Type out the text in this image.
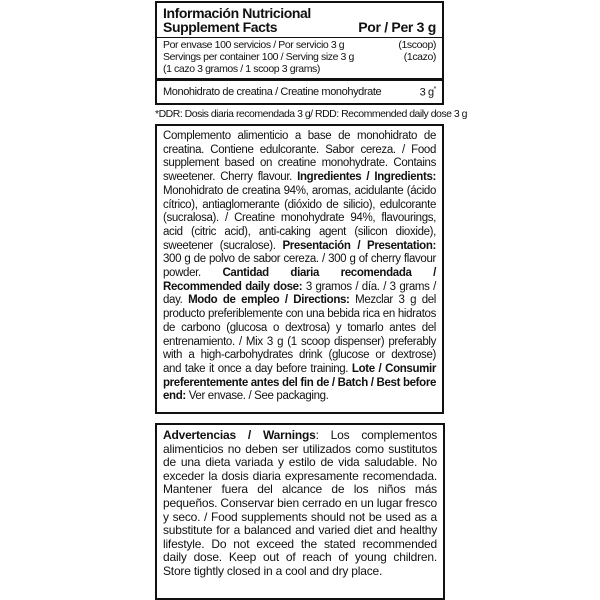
Información Nutricional
Supplement Facts	Por / Per 3 g
Por envase 100 servicios / Por servicio 3 g	(1scoop)
Servings per container 100 / Serving size 3 g	(1cazo)
(1 cazo 3 gramos / 1 scoop 3 grams)
Monohidrato de creatina / Creatine monohydrate	3 g*
*DDR: Dosis diaria recomendada 3 g/ RDD: Recommended daily dose 3 g
Complemento alimenticio a base de monohidrato de creatina. Contiene edulcorante. Sabor cereza. / Food supplement based on creatine monohydrate. Contains sweetener. Cherry flavour. Ingredientes / Ingredients: Monohidrato de creatina 94%, aromas, acidulante (ácido cítrico), antiaglomerante (dióxido de silicio), edulcorante (sucralosa). / Creatine monohydrate 94%, flavourings, acid (citric acid), anti-caking agent (silicon dioxide), sweetener (sucralose). Presentación / Presentation: 300 g de polvo de sabor cereza. / 300 g of cherry flavour powder. Cantidad diaria recomendada / Recommended daily dose: 3 gramos / día. / 3 grams / day. Modo de empleo / Directions: Mezclar 3 g del producto preferiblemente con una bebida rica en hidratos de carbono (glucosa o dextrosa) y tomarlo antes del entrenamiento. / Mix 3 g (1 scoop dispenser) preferably with a high-carbohydrates drink (glucose or dextrose) and take it once a day before training. Lote / Consumir preferentemente antes del fin de / Batch / Best before end: Ver envase. / See packaging.
Advertencias / Warnings: Los complementos alimenticios no deben ser utilizados como sustitutos de una dieta variada y estilo de vida saludable. No exceder la dosis diaria expresamente recomendada. Mantener fuera del alcance de los niños más pequeños. Conservar bien cerrado en un lugar fresco y seco. / Food supplements should not be used as a substitute for a balanced and varied diet and healthy lifestyle. Do not exceed the stated recommended daily dose. Keep out of reach of young children. Store tightly closed in a cool and dry place.
